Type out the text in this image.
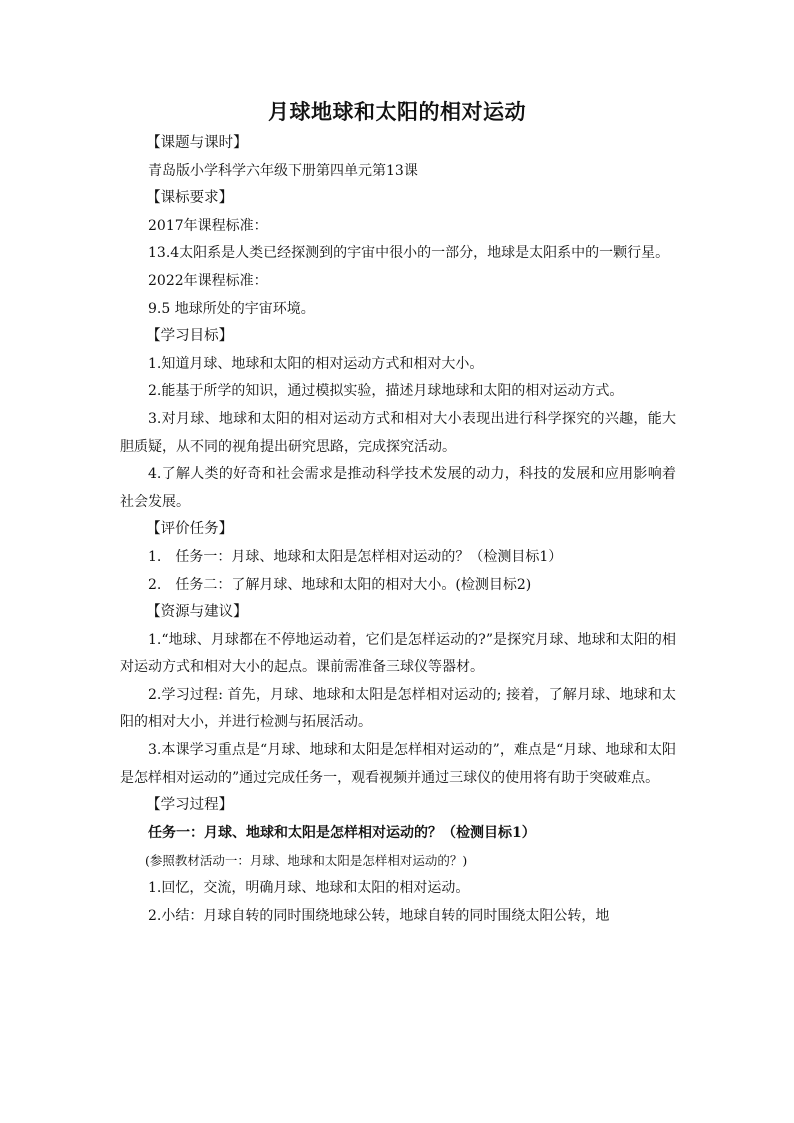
月球地球和太阳的相对运动

【课题与课时】

青岛版小学科学六年级下册第四单元第13课

【课标要求】

2017年课程标准：

13.4太阳系是人类已经探测到的宇宙中很小的一部分，地球是太阳系中的一颗行星。

2022年课程标准：

9.5 地球所处的宇宙环境。

【学习目标】

1.知道月球、地球和太阳的相对运动方式和相对大小。

2.能基于所学的知识，通过模拟实验，描述月球地球和太阳的相对运动方式。

3.对月球、地球和太阳的相对运动方式和相对大小表现出进行科学探究的兴趣，能大胆质疑，从不同的视角提出研究思路，完成探究活动。

4.了解人类的好奇和社会需求是推动科学技术发展的动力，科技的发展和应用影响着社会发展。

【评价任务】

1.　任务一：月球、地球和太阳是怎样相对运动的？（检测目标1）

2.　任务二：了解月球、地球和太阳的相对大小。(检测目标2)

【资源与建议】

1.“地球、月球都在不停地运动着，它们是怎样运动的?”是探究月球、地球和太阳的相对运动方式和相对大小的起点。课前需准备三球仪等器材。

2.学习过程: 首先，月球、地球和太阳是怎样相对运动的; 接着，了解月球、地球和太阳的相对大小，并进行检测与拓展活动。

3.本课学习重点是“月球、地球和太阳是怎样相对运动的”，难点是“月球、地球和太阳是怎样相对运动的”通过完成任务一，观看视频并通过三球仪的使用将有助于突破难点。

【学习过程】

任务一：月球、地球和太阳是怎样相对运动的？（检测目标1）

(参照教材活动一：月球、地球和太阳是怎样相对运动的？)

1.回忆，交流，明确月球、地球和太阳的相对运动。

2.小结：月球自转的同时围绕地球公转，地球自转的同时围绕太阳公转，地
